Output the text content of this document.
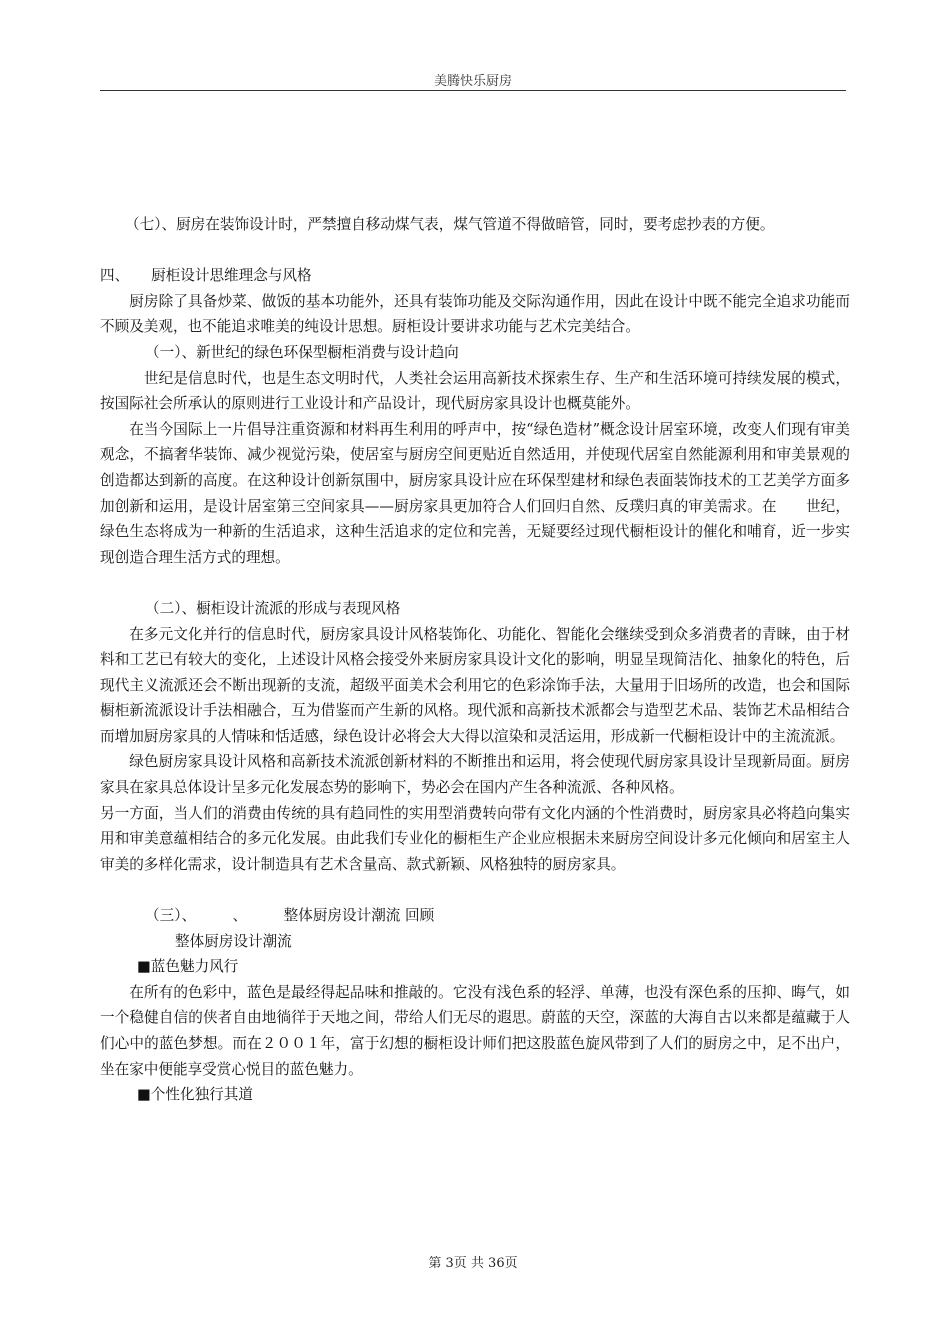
美腾快乐厨房

（七）、厨房在装饰设计时，严禁擅自移动煤气表，煤气管道不得做暗管，同时，要考虑抄表的方便。

四、　　厨柜设计思维理念与风格

厨房除了具备炒菜、做饭的基本功能外，还具有装饰功能及交际沟通作用，因此在设计中既不能完全追求功能而不顾及美观，也不能追求唯美的纯设计思想。厨柜设计要讲求功能与艺术完美结合。

（一）、新世纪的绿色环保型橱柜消费与设计趋向

　世纪是信息时代，也是生态文明时代，人类社会运用高新技术探索生存、生产和生活环境可持续发展的模式，按国际社会所承认的原则进行工业设计和产品设计，现代厨房家具设计也概莫能外。

在当今国际上一片倡导注重资源和材料再生利用的呼声中，按“绿色造材”概念设计居室环境，改变人们现有审美观念，不搞奢华装饰、减少视觉污染，使居室与厨房空间更贴近自然适用，并使现代居室自然能源利用和审美景观的创造都达到新的高度。在这种设计创新氛围中，厨房家具设计应在环保型建材和绿色表面装饰技术的工艺美学方面多加创新和运用，是设计居室第三空间家具——厨房家具更加符合人们回归自然、反璞归真的审美需求。在　　世纪，绿色生态将成为一种新的生活追求，这种生活追求的定位和完善，无疑要经过现代橱柜设计的催化和哺育，近一步实现创造合理生活方式的理想。

（二）、橱柜设计流派的形成与表现风格

在多元文化并行的信息时代，厨房家具设计风格装饰化、功能化、智能化会继续受到众多消费者的青睐，由于材料和工艺已有较大的变化，上述设计风格会接受外来厨房家具设计文化的影响，明显呈现简洁化、抽象化的特色，后现代主义流派还会不断出现新的支流，超级平面美术会利用它的色彩涂饰手法，大量用于旧场所的改造，也会和国际橱柜新流派设计手法相融合，互为借鉴而产生新的风格。现代派和高新技术派都会与造型艺术品、装饰艺术品相结合而增加厨房家具的人情味和恬适感，绿色设计必将会大大得以渲染和灵活运用，形成新一代橱柜设计中的主流流派。

绿色厨房家具设计风格和高新技术流派创新材料的不断推出和运用，将会使现代厨房家具设计呈现新局面。厨房家具在家具总体设计呈多元化发展态势的影响下，势必会在国内产生各种流派、各种风格。

另一方面，当人们的消费由传统的具有趋同性的实用型消费转向带有文化内涵的个性消费时，厨房家具必将趋向集实用和审美意蕴相结合的多元化发展。由此我们专业化的橱柜生产企业应根据未来厨房空间设计多元化倾向和居室主人审美的多样化需求，设计制造具有艺术含量高、款式新颖、风格独特的厨房家具。

（三）、　　　、　　　整体厨房设计潮流 回顾

整体厨房设计潮流

■蓝色魅力风行

在所有的色彩中，蓝色是最经得起品味和推敲的。它没有浅色系的轻浮、单薄，也没有深色系的压抑、晦气，如一个稳健自信的侠者自由地徜徉于天地之间，带给人们无尽的遐思。蔚蓝的天空，深蓝的大海自古以来都是蕴藏于人们心中的蓝色梦想。而在２００１年，富于幻想的橱柜设计师们把这股蓝色旋风带到了人们的厨房之中，足不出户，坐在家中便能享受赏心悦目的蓝色魅力。

■个性化独行其道

第 3页 共 36页
